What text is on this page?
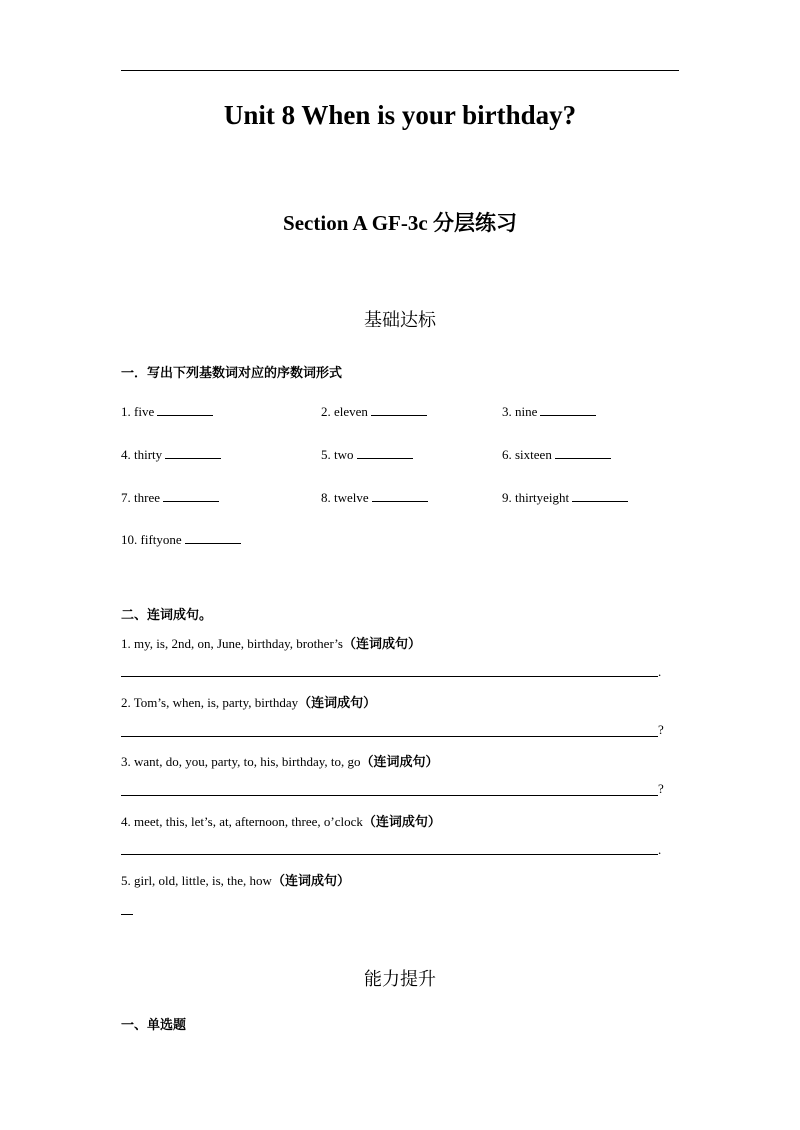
Unit 8 When is your birthday?
Section A GF-3c 分层练习
基础达标
一．写出下列基数词对应的序数词形式
1. five	2. eleven	3. nine
4. thirty	5. two	6. sixteen
7. three	8. twelve	9. thirtyeight
10. fiftyone
二、连词成句。
1. my, is, 2nd, on, June, birthday, brother’s（连词成句）
.
2. Tom’s, when, is, party, birthday（连词成句）
?
3. want, do, you, party, to, his, birthday, to, go（连词成句）
?
4. meet, this, let’s, at, afternoon, three, o’clock（连词成句）
.
5. girl, old, little, is, the, how（连词成句）
能力提升
一、单选题
